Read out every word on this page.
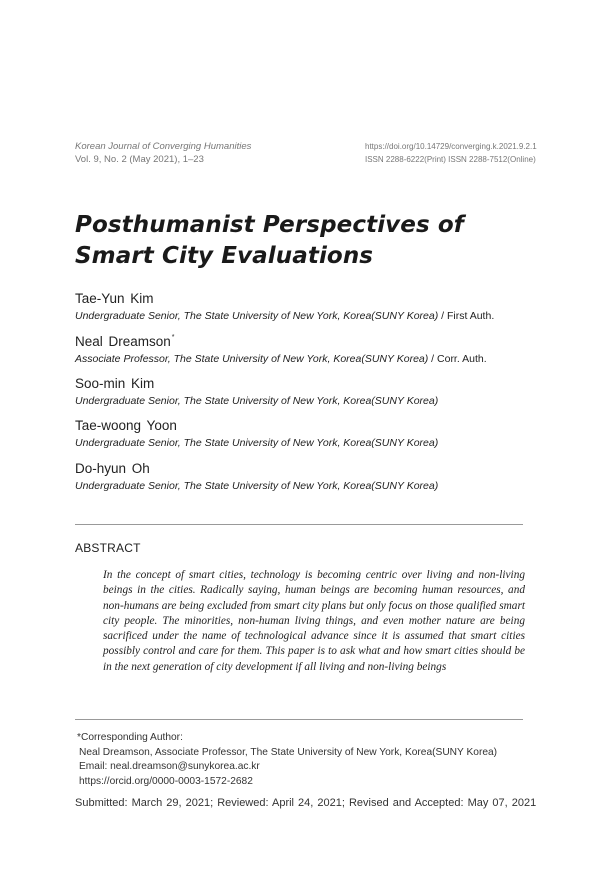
Korean Journal of Converging Humanities
Vol. 9, No. 2 (May 2021), 1–23
https://doi.org/10.14729/converging.k.2021.9.2.1
ISSN 2288-6222(Print) ISSN 2288-7512(Online)
Posthumanist Perspectives of Smart City Evaluations
Tae-Yun Kim
Undergraduate Senior, The State University of New York, Korea(SUNY Korea) / First Auth.
Neal Dreamson*
Associate Professor, The State University of New York, Korea(SUNY Korea) / Corr. Auth.
Soo-min Kim
Undergraduate Senior, The State University of New York, Korea(SUNY Korea)
Tae-woong Yoon
Undergraduate Senior, The State University of New York, Korea(SUNY Korea)
Do-hyun Oh
Undergraduate Senior, The State University of New York, Korea(SUNY Korea)
ABSTRACT
In the concept of smart cities, technology is becoming centric over living and non-living beings in the cities. Radically saying, human beings are becoming human resources, and non-humans are being excluded from smart city plans but only focus on those qualified smart city people. The minorities, non-human living things, and even mother nature are being sacrificed under the name of technological advance since it is assumed that smart cities possibly control and care for them. This paper is to ask what and how smart cities should be in the next generation of city development if all living and non-living beings
*Corresponding Author:
Neal Dreamson, Associate Professor, The State University of New York, Korea(SUNY Korea)
Email: neal.dreamson@sunykorea.ac.kr
https://orcid.org/0000-0003-1572-2682
Submitted: March 29, 2021; Reviewed: April 24, 2021; Revised and Accepted: May 07, 2021
